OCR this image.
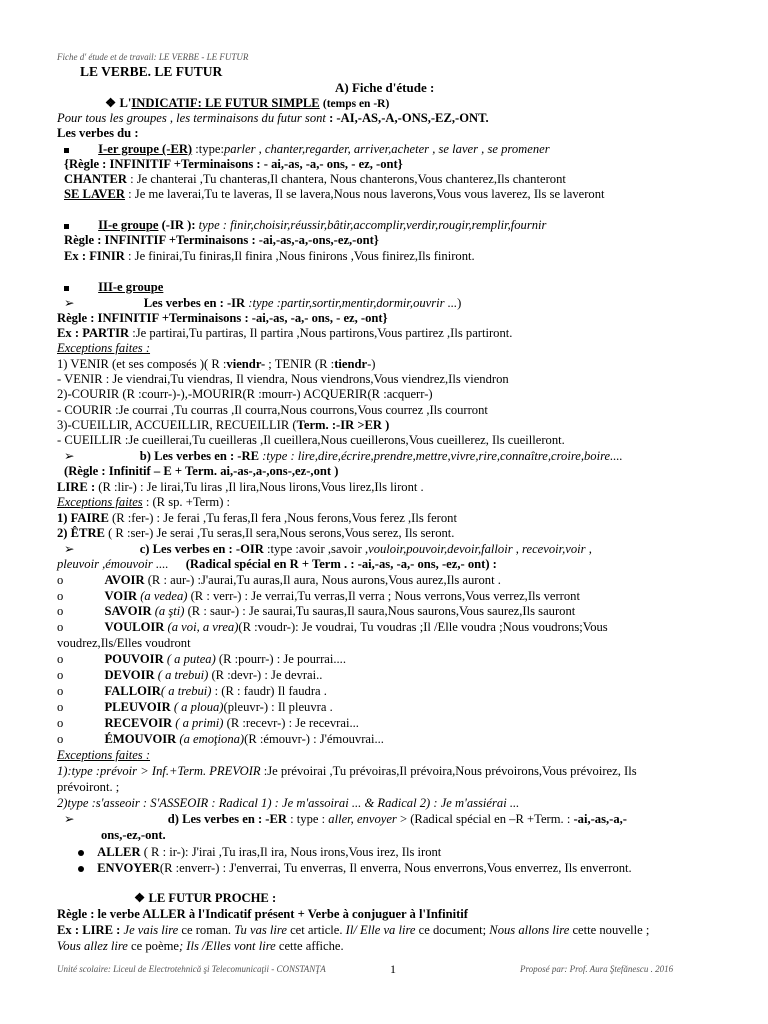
Fiche d' étude et de travail: LE VERBE - LE FUTUR
LE VERBE. LE FUTUR
A) Fiche d'étude :
❖ L'INDICATIF: LE FUTUR SIMPLE (temps en -R)
Pour tous les groupes , les terminaisons du futur sont : -AI,-AS,-A,-ONS,-EZ,-ONT.
Les verbes du :
I-er groupe (-ER) :type:parler , chanter,regarder, arriver,acheter , se laver , se promener
{Règle : INFINITIF +Terminaisons : - ai,-as, -a,- ons, - ez, -ont}
CHANTER : Je chanterai ,Tu chanteras,Il chantera, Nous chanterons,Vous chanterez,Ils chanteront
SE LAVER : Je me laverai,Tu te laveras, Il se lavera,Nous nous laverons,Vous vous laverez, Ils se laveront
II-e groupe (-IR ): type : finir,choisir,réussir,bâtir,accomplir,verdir,rougir,remplir,fournir
Règle : INFINITIF +Terminaisons : -ai,-as,-a,-ons,-ez,-ont}
Ex : FINIR : Je finirai,Tu finiras,Il finira ,Nous finirons ,Vous finirez,Ils finiront.
III-e groupe
➢	Les verbes en : -IR :type :partir,sortir,mentir,dormir,ouvrir ...)
Règle : INFINITIF +Terminaisons : -ai,-as, -a,- ons, - ez, -ont}
Ex : PARTIR :Je partirai,Tu partiras, Il partira ,Nous partirons,Vous partirez ,Ils partiront.
Exceptions faites :
1) VENIR (et ses composés )( R :viendr- ; TENIR (R :tiendr-)
- VENIR : Je viendrai,Tu viendras, Il viendra, Nous viendrons,Vous viendrez,Ils viendron
2)-COURIR (R :courr-)-),-MOURIR(R :mourr-) ACQUERIR(R :acquerr-)
- COURIR :Je courrai ,Tu courras ,Il courra,Nous courrons,Vous courrez ,Ils courront
3)-CUEILLIR, ACCUEILLIR, RECUEILLIR (Term. :-IR >ER )
- CUEILLIR :Je cueillerai,Tu cueilleras ,Il cueillera,Nous cueillerons,Vous cueillerez, Ils cueilleront.
➢	b) Les verbes en : -RE :type : lire,dire,écrire,prendre,mettre,vivre,rire,connaître,croire,boire....
(Règle : Infinitif – E + Term. ai,-as-,a-,ons-,ez-,ont )
LIRE : (R :lir-) : Je lirai,Tu liras ,Il lira,Nous lirons,Vous lirez,Ils liront .
Exceptions faites : (R sp. +Term) :
1) FAIRE (R :fer-) : Je ferai ,Tu feras,Il fera ,Nous ferons,Vous ferez ,Ils feront
2) ÊTRE ( R :ser-) Je serai ,Tu seras,Il sera,Nous serons,Vous serez, Ils seront.
➢	c) Les verbes en : -OIR :type :avoir ,savoir ,vouloir,pouvoir,devoir,falloir , recevoir,voir ,
pleuvoir ,émouvoir .... (Radical spécial en R + Term . : -ai,-as, -a,- ons, -ez,- ont) :
o	AVOIR (R : aur-) :J'aurai,Tu auras,Il aura, Nous aurons,Vous aurez,Ils auront .
o	VOIR (a vedea) (R : verr-) : Je verrai,Tu verras,Il verra ; Nous verrons,Vous verrez,Ils verront
o	SAVOIR (a şti) (R : saur-) : Je saurai,Tu sauras,Il saura,Nous saurons,Vous saurez,Ils sauront
o	VOULOIR (a voi, a vrea)(R :voudr-): Je voudrai, Tu voudras ;Il /Elle voudra ;Nous voudrons;Vous
voudrez,Ils/Elles voudront
o	POUVOIR ( a putea) (R :pourr-) : Je pourrai....
o	DEVOIR ( a trebui) (R :devr-) : Je devrai..
o	FALLOIR( a trebui) : (R : faudr) Il faudra .
o	PLEUVOIR ( a ploua)(pleuvr-) : Il pleuvra .
o	RECEVOIR ( a primi) (R :recevr-) : Je recevrai...
o	ÉMOUVOIR (a emoţiona)(R :émouvr-) : J'émouvrai...
Exceptions faites :
1):type :prévoir > Inf.+Term. PREVOIR :Je prévoirai ,Tu prévoiras,Il prévoira,Nous prévoirons,Vous prévoirez, Ils
prévoiront. ;
2)type :s'asseoir : S'ASSEOIR : Radical 1) : Je m'assoirai ... & Radical 2) : Je m'assiérai ...
➢	d) Les verbes en : -ER : type : aller, envoyer > (Radical spécial en –R +Term. : -ai,-as,-a,-
ons,-ez,-ont.
ALLER ( R : ir-): J'irai ,Tu iras,Il ira, Nous irons,Vous irez, Ils iront
ENVOYER(R :enverr-) : J'enverrai, Tu enverras, Il enverra, Nous enverrons,Vous enverrez, Ils enverront.
❖ LE FUTUR PROCHE :
Règle : le verbe ALLER à l'Indicatif présent + Verbe à conjuguer à l'Infinitif
Ex : LIRE : Je vais lire ce roman. Tu vas lire cet article. Il/ Elle va lire ce document; Nous allons lire cette nouvelle ;
Vous allez lire ce poème; Ils /Elles vont lire cette affiche.
Unité scolaire: Liceul de Electrotehnică şi Telecomunicaţii - CONSTANŢA	1	Proposé par: Prof. Aura Ştefănescu . 2016
